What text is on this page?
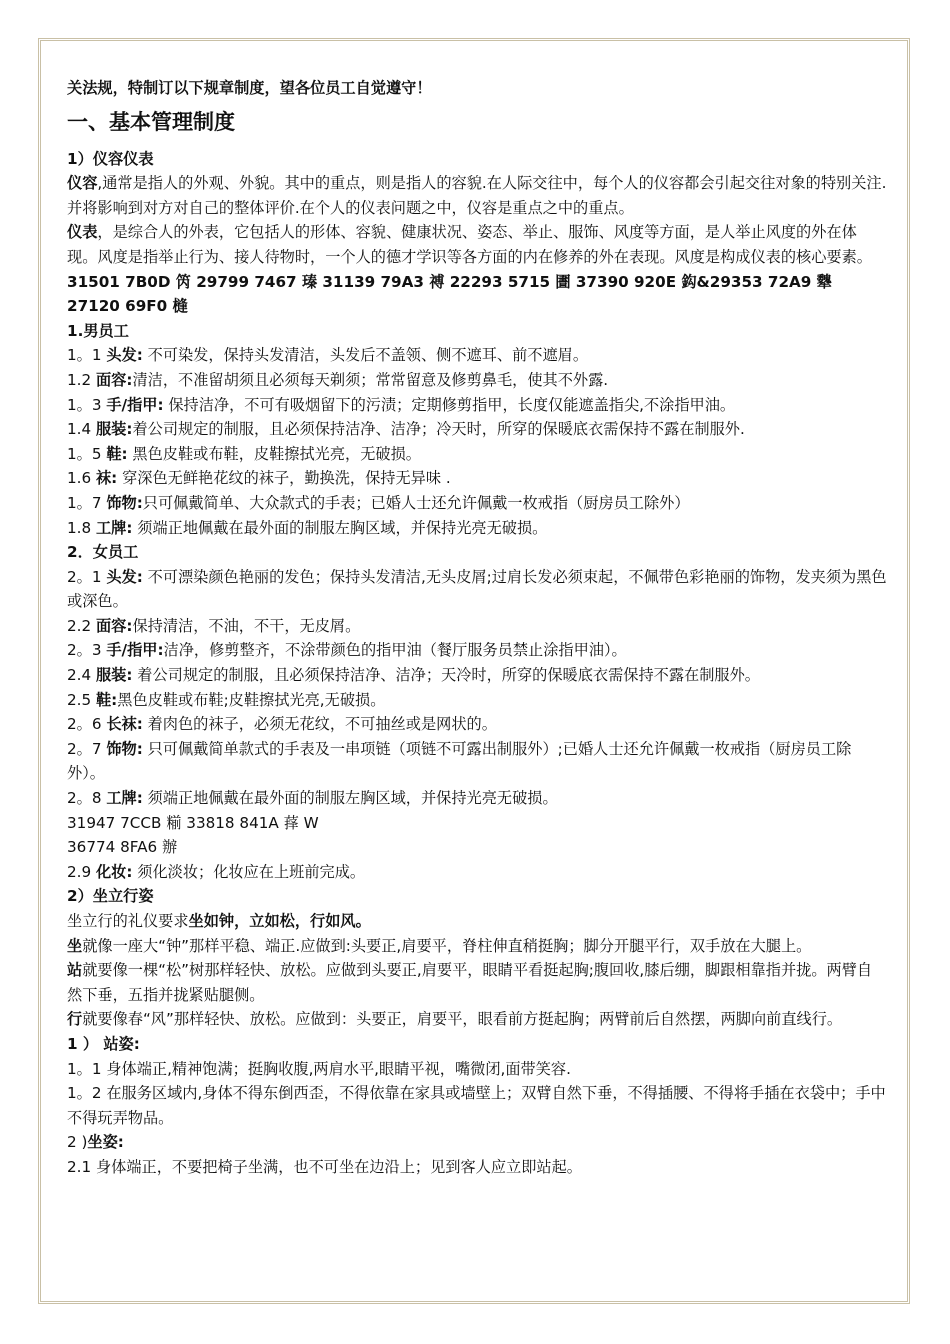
关法规，特制订以下规章制度，望各位员工自觉遵守！

一、基本管理制度

1）仪容仪表

仪容,通常是指人的外观、外貌。其中的重点，则是指人的容貌.在人际交往中，每个人的仪容都会引起交往对象的特别关注.并将影响到对方对自己的整体评价.在个人的仪表问题之中，仪容是重点之中的重点。

仪表，是综合人的外表，它包括人的形体、容貌、健康状况、姿态、举止、服饰、风度等方面，是人举止风度的外在体现。风度是指举止行为、接人待物时，一个人的德才学识等各方面的内在修养的外在表现。风度是构成仪表的核心要素。

31501 7B0D 笍 29799 7467 瑧 31139 79A3 禣 22293 5715 圕 37390 920E 鈎&29353 72A9 犩 27120 69F0 槰

1.男员工

1。1 头发: 不可染发，保持头发清洁，头发后不盖领、侧不遮耳、前不遮眉。

1.2 面容:清洁，不准留胡须且必须每天剃须；常常留意及修剪鼻毛，使其不外露.

1。3 手/指甲: 保持洁净，不可有吸烟留下的污渍；定期修剪指甲，长度仅能遮盖指尖,不涂指甲油。

1.4 服装:着公司规定的制服，且必须保持洁净、洁净；冷天时，所穿的保暖底衣需保持不露在制服外.

1。5 鞋: 黑色皮鞋或布鞋，皮鞋擦拭光亮，无破损。

1.6 袜: 穿深色无鲜艳花纹的袜子，勤换洗，保持无异味 .

1。7 饰物:只可佩戴简单、大众款式的手表；已婚人士还允许佩戴一枚戒指（厨房员工除外）

1.8 工牌: 须端正地佩戴在最外面的制服左胸区域，并保持光亮无破损。

2．女员工

2。1 头发: 不可漂染颜色艳丽的发色；保持头发清洁,无头皮屑;过肩长发必须束起，不佩带色彩艳丽的饰物，发夹须为黑色或深色。

2.2 面容:保持清洁，不油，不干，无皮屑。

2。3 手/指甲:洁净，修剪整齐，不涂带颜色的指甲油（餐厅服务员禁止涂指甲油）。

2.4 服装: 着公司规定的制服，且必须保持洁净、洁净；天冷时，所穿的保暖底衣需保持不露在制服外。

2.5 鞋:黑色皮鞋或布鞋;皮鞋擦拭光亮,无破损。

2。6 长袜: 着肉色的袜子，必须无花纹，不可抽丝或是网状的。

2。7 饰物: 只可佩戴简单款式的手表及一串项链（项链不可露出制服外）;已婚人士还允许佩戴一枚戒指（厨房员工除外）。

2。8 工牌: 须端正地佩戴在最外面的制服左胸区域，并保持光亮无破损。

31947 7CCB 糋 33818 841A 萚 W

36774 8FA6 辦

2.9 化妆: 须化淡妆；化妆应在上班前完成。

2）坐立行姿

坐立行的礼仪要求坐如钟，立如松，行如风。

坐就像一座大“钟”那样平稳、端正.应做到:头要正,肩要平，脊柱伸直稍挺胸；脚分开腿平行，双手放在大腿上。

站就要像一棵“松”树那样轻快、放松。应做到头要正,肩要平，眼睛平看挺起胸;腹回收,膝后绷，脚跟相靠指并拢。两臂自然下垂，五指并拢紧贴腿侧。

行就要像春“风”那样轻快、放松。应做到：头要正，肩要平，眼看前方挺起胸；两臂前后自然摆，两脚向前直线行。

1 ） 站姿:

1。1 身体端正,精神饱满；挺胸收腹,两肩水平,眼睛平视，嘴微闭,面带笑容.

1。2 在服务区域内,身体不得东倒西歪，不得依靠在家具或墙壁上；双臂自然下垂，不得插腰、不得将手插在衣袋中；手中不得玩弄物品。

2 )坐姿:

2.1 身体端正，不要把椅子坐满，也不可坐在边沿上；见到客人应立即站起。
